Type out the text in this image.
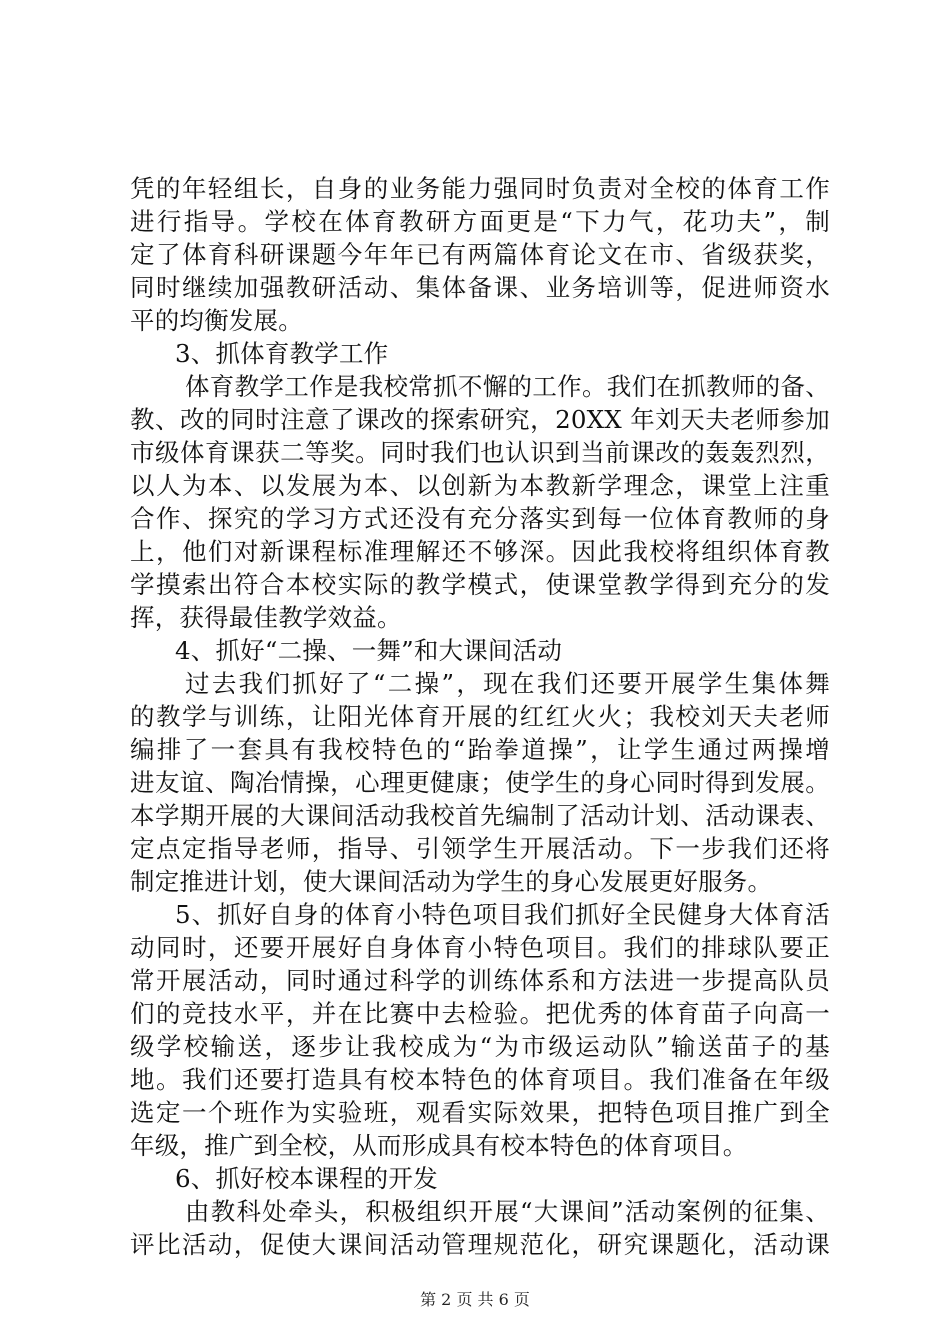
凭的年轻组长，自身的业务能力强同时负责对全校的体育工作
进行指导。学校在体育教研方面更是“下力气，花功夫”，制
定了体育科研课题今年年已有两篇体育论文在市、省级获奖，
同时继续加强教研活动、集体备课、业务培训等，促进师资水
平的均衡发展。
3、抓体育教学工作
体育教学工作是我校常抓不懈的工作。我们在抓教师的备、
教、改的同时注意了课改的探索研究，20XX 年刘天夫老师参加
市级体育课获二等奖。同时我们也认识到当前课改的轰轰烈烈，
以人为本、以发展为本、以创新为本教新学理念，课堂上注重
合作、探究的学习方式还没有充分落实到每一位体育教师的身
上，他们对新课程标准理解还不够深。因此我校将组织体育教
学摸索出符合本校实际的教学模式，使课堂教学得到充分的发
挥，获得最佳教学效益。
4、抓好“二操、一舞”和大课间活动
过去我们抓好了“二操”，现在我们还要开展学生集体舞
的教学与训练，让阳光体育开展的红红火火；我校刘天夫老师
编排了一套具有我校特色的“跆拳道操”，让学生通过两操增
进友谊、陶冶情操，心理更健康；使学生的身心同时得到发展。
本学期开展的大课间活动我校首先编制了活动计划、活动课表、
定点定指导老师，指导、引领学生开展活动。下一步我们还将
制定推进计划，使大课间活动为学生的身心发展更好服务。
5、抓好自身的体育小特色项目我们抓好全民健身大体育活
动同时，还要开展好自身体育小特色项目。我们的排球队要正
常开展活动，同时通过科学的训练体系和方法进一步提高队员
们的竞技水平，并在比赛中去检验。把优秀的体育苗子向高一
级学校输送，逐步让我校成为“为市级运动队”输送苗子的基
地。我们还要打造具有校本特色的体育项目。我们准备在年级
选定一个班作为实验班，观看实际效果，把特色项目推广到全
年级，推广到全校，从而形成具有校本特色的体育项目。
6、抓好校本课程的开发
由教科处牵头，积极组织开展“大课间”活动案例的征集、
评比活动，促使大课间活动管理规范化，研究课题化，活动课
第 2 页 共 6 页
